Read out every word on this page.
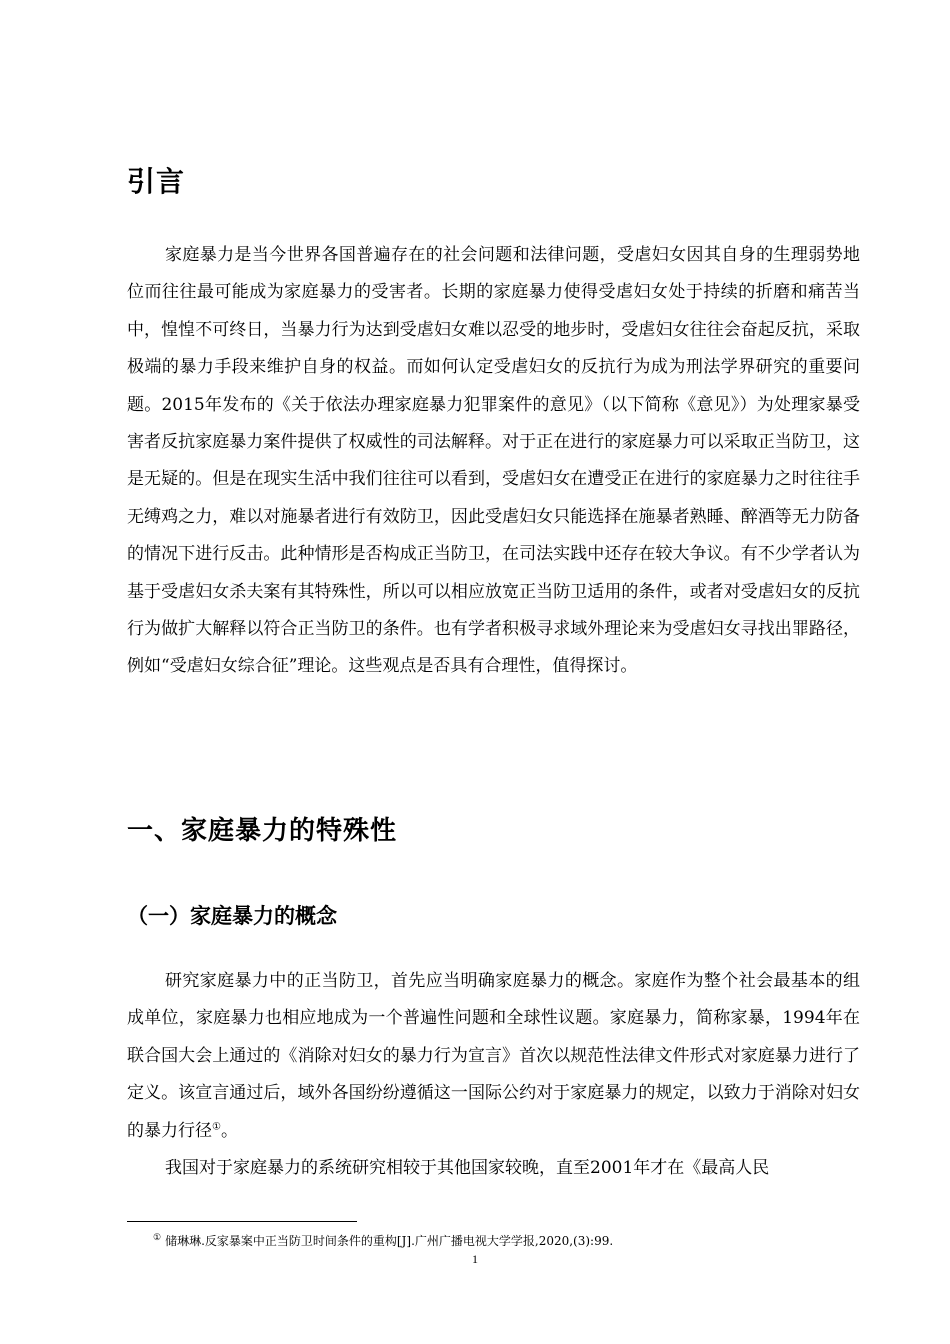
引言

家庭暴力是当今世界各国普遍存在的社会问题和法律问题，受虐妇女因其自身的生理弱势地位而往往最可能成为家庭暴力的受害者。长期的家庭暴力使得受虐妇女处于持续的折磨和痛苦当中，惶惶不可终日，当暴力行为达到受虐妇女难以忍受的地步时，受虐妇女往往会奋起反抗，采取极端的暴力手段来维护自身的权益。而如何认定受虐妇女的反抗行为成为刑法学界研究的重要问题。2015年发布的《关于依法办理家庭暴力犯罪案件的意见》（以下简称《意见》）为处理家暴受害者反抗家庭暴力案件提供了权威性的司法解释。对于正在进行的家庭暴力可以采取正当防卫，这是无疑的。但是在现实生活中我们往往可以看到，受虐妇女在遭受正在进行的家庭暴力之时往往手无缚鸡之力，难以对施暴者进行有效防卫，因此受虐妇女只能选择在施暴者熟睡、醉酒等无力防备的情况下进行反击。此种情形是否构成正当防卫，在司法实践中还存在较大争议。有不少学者认为基于受虐妇女杀夫案有其特殊性，所以可以相应放宽正当防卫适用的条件，或者对受虐妇女的反抗行为做扩大解释以符合正当防卫的条件。也有学者积极寻求域外理论来为受虐妇女寻找出罪路径，例如“受虐妇女综合征”理论。这些观点是否具有合理性，值得探讨。

一、家庭暴力的特殊性
（一）家庭暴力的概念

研究家庭暴力中的正当防卫，首先应当明确家庭暴力的概念。家庭作为整个社会最基本的组成单位，家庭暴力也相应地成为一个普遍性问题和全球性议题。家庭暴力，简称家暴，1994年在联合国大会上通过的《消除对妇女的暴力行为宣言》首次以规范性法律文件形式对家庭暴力进行了定义。该宣言通过后，域外各国纷纷遵循这一国际公约对于家庭暴力的规定，以致力于消除对妇女的暴力行径①。

我国对于家庭暴力的系统研究相较于其他国家较晚，直至2001年才在《最高人民

① 储琳琳.反家暴案中正当防卫时间条件的重构[J].广州广播电视大学学报,2020,(3):99.

1
